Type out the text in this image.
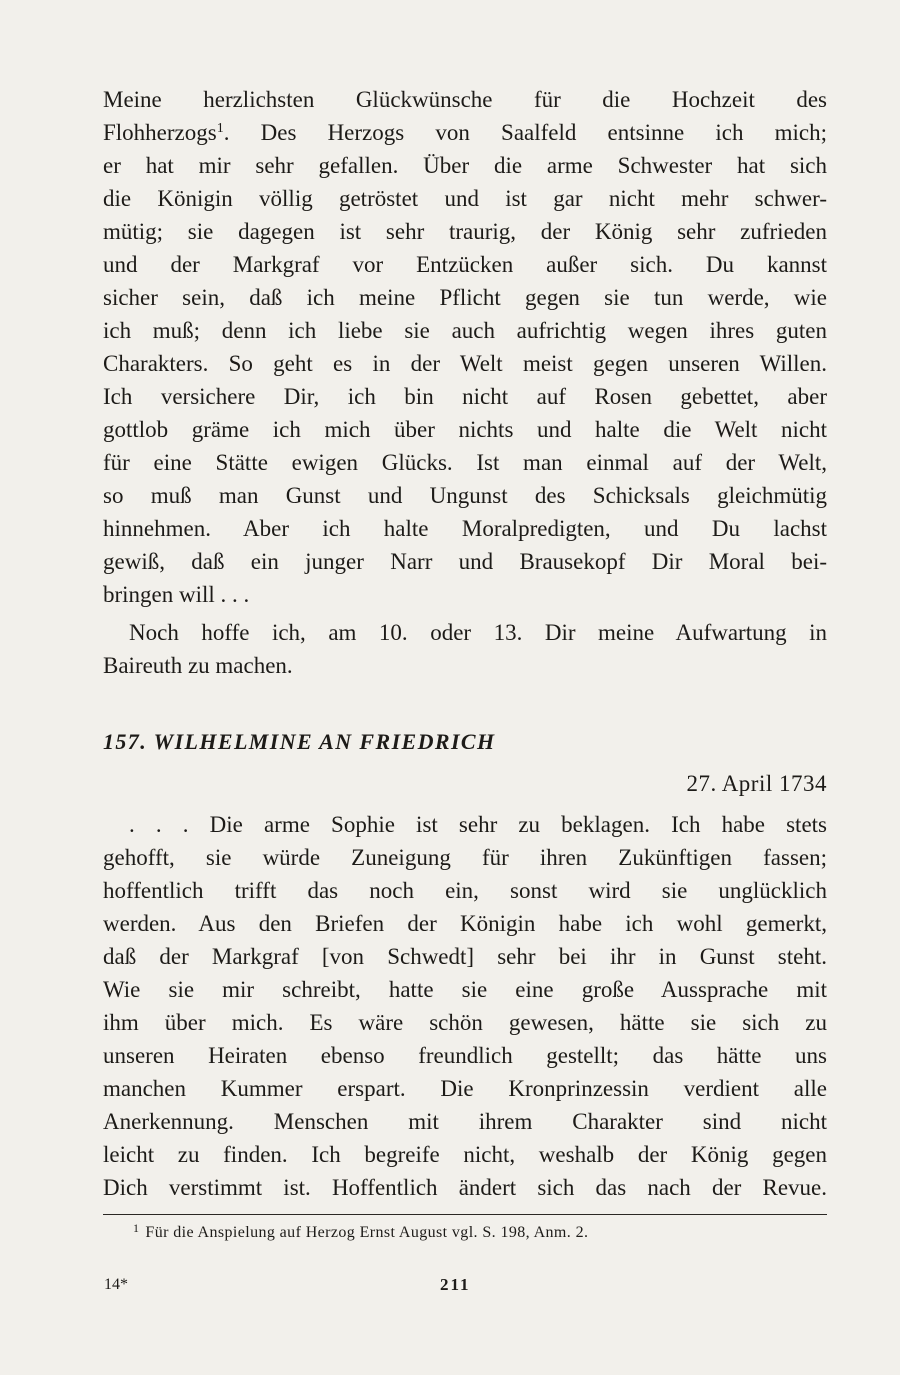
Meine herzlichsten Glückwünsche für die Hochzeit des

Flohherzogs$^1$. Des Herzogs von Saalfeld entsinne ich mich;

er hat mir sehr gefallen. Über die arme Schwester hat sich

die Königin völlig getröstet und ist gar nicht mehr schwer-

mütig; sie dagegen ist sehr traurig, der König sehr zufrieden

und der Markgraf vor Entzücken außer sich. Du kannst

sicher sein, daß ich meine Pflicht gegen sie tun werde, wie

ich muß; denn ich liebe sie auch aufrichtig wegen ihres guten

Charakters. So geht es in der Welt meist gegen unseren Willen.

Ich versichere Dir, ich bin nicht auf Rosen gebettet, aber

gottlob gräme ich mich über nichts und halte die Welt nicht

für eine Stätte ewigen Glücks. Ist man einmal auf der Welt,

so muß man Gunst und Ungunst des Schicksals gleichmütig

hinnehmen. Aber ich halte Moralpredigten, und Du lachst

gewiß, daß ein junger Narr und Brausekopf Dir Moral bei-

bringen will . . .

Noch hoffe ich, am 10. oder 13. Dir meine Aufwartung in

Baireuth zu machen.

157. WILHELMINE AN FRIEDRICH
27. April 1734

. . . Die arme Sophie ist sehr zu beklagen. Ich habe stets

gehofft, sie würde Zuneigung für ihren Zukünftigen fassen;

hoffentlich trifft das noch ein, sonst wird sie unglücklich

werden. Aus den Briefen der Königin habe ich wohl gemerkt,

daß der Markgraf [von Schwedt] sehr bei ihr in Gunst steht.

Wie sie mir schreibt, hatte sie eine große Aussprache mit

ihm über mich. Es wäre schön gewesen, hätte sie sich zu

unseren Heiraten ebenso freundlich gestellt; das hätte uns

manchen Kummer erspart. Die Kronprinzessin verdient alle

Anerkennung. Menschen mit ihrem Charakter sind nicht

leicht zu finden. Ich begreife nicht, weshalb der König gegen

Dich verstimmt ist. Hoffentlich ändert sich das nach der Revue.

$^1$ Für die Anspielung auf Herzog Ernst August vgl. S. 198, Anm. 2.
14*	211
